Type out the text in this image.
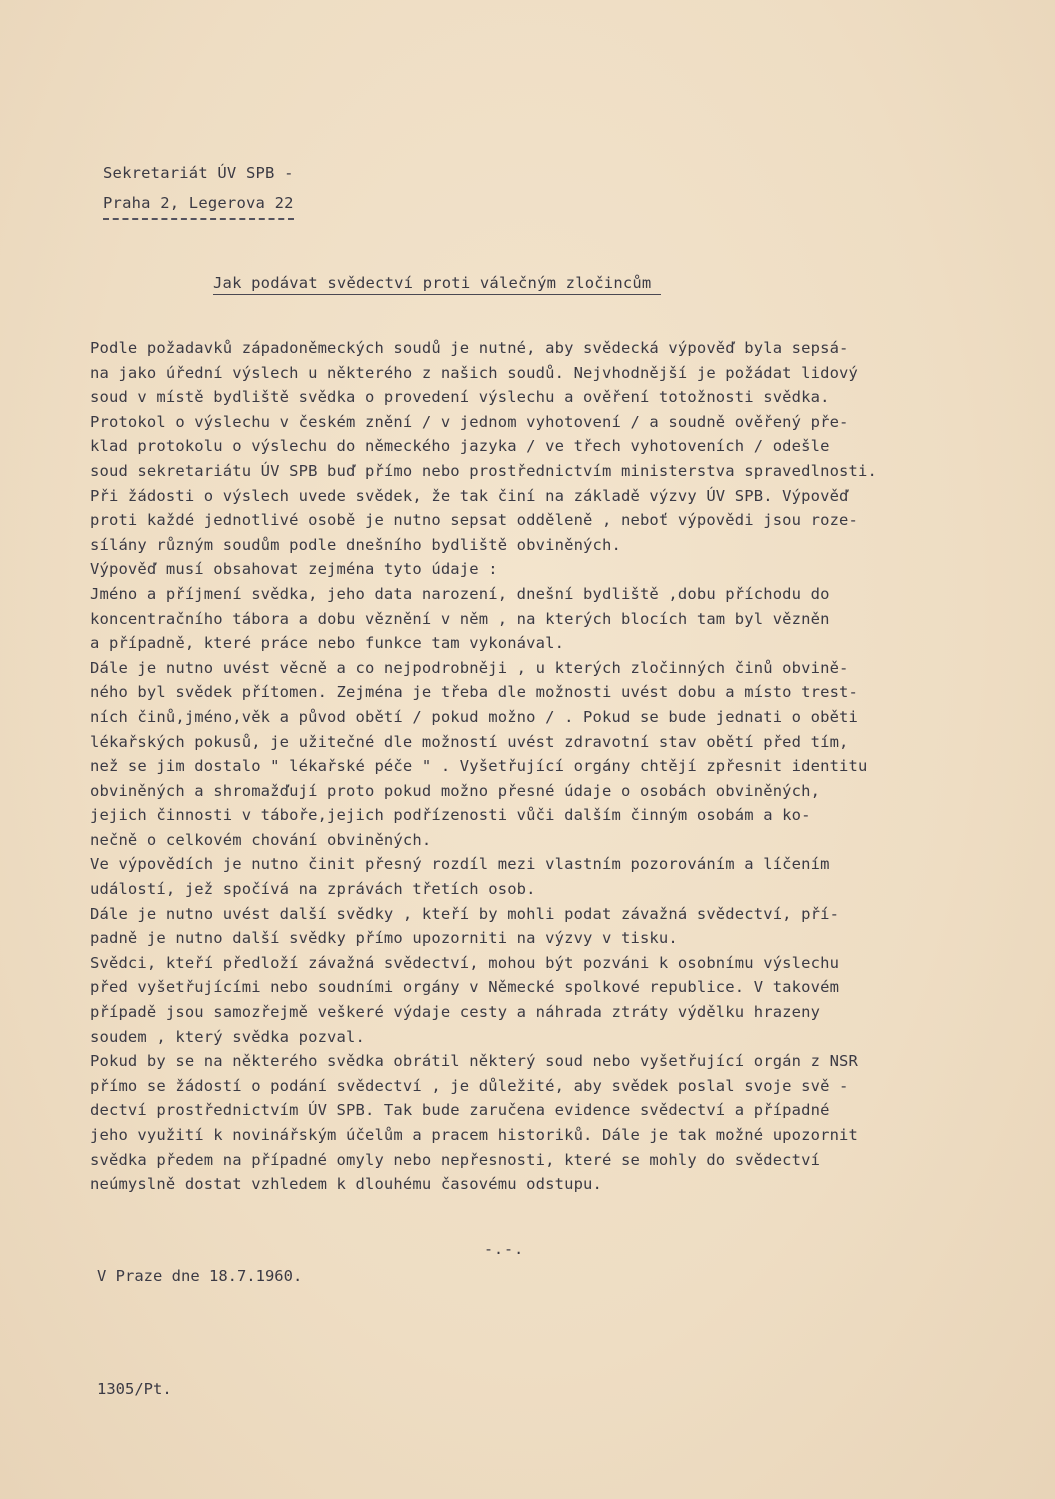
Sekretariát ÚV SPB -
Praha 2, Legerova 22
Jak podávat svědectví proti válečným zločincům
Podle požadavků západoněmeckých soudů je nutné, aby svědecká výpověď byla sepsá-
na jako úřední výslech u některého z našich soudů. Nejvhodnější je požádat lidový
soud v místě bydliště svědka o provedení výslechu a ověření totožnosti svědka.
Protokol o výslechu v českém znění / v jednom vyhotovení / a soudně ověřený pře-
klad protokolu o výslechu do německého jazyka / ve třech vyhotoveních / odešle
soud sekretariátu ÚV SPB buď přímo nebo prostřednictvím ministerstva spravedlnosti.
Při žádosti o výslech uvede svědek, že tak činí na základě výzvy ÚV SPB. Výpověď
proti každé jednotlivé osobě je nutno sepsat odděleně , neboť výpovědi jsou roze-
sílány různým soudům podle dnešního bydliště obviněných.
Výpověď musí obsahovat zejména tyto údaje :
Jméno a příjmení svědka, jeho data narození, dnešní bydliště ,dobu příchodu do
koncentračního tábora a dobu věznění v něm , na kterých blocích tam byl vězněn
a případně, které práce nebo funkce tam vykonával.
Dále je nutno uvést věcně a co nejpodrobněji , u kterých zločinných činů obvině-
ného byl svědek přítomen. Zejména je třeba dle možnosti uvést dobu a místo trest-
ních činů,jméno,věk a původ obětí / pokud možno / . Pokud se bude jednati o oběti
lékařských pokusů, je užitečné dle možností uvést zdravotní stav obětí před tím,
než se jim dostalo " lékařské péče " . Vyšetřující orgány chtějí zpřesnit identitu
obviněných a shromažďují proto pokud možno přesné údaje o osobách obviněných,
jejich činnosti v táboře,jejich podřízenosti vůči dalším činným osobám a ko-
nečně o celkovém chování obviněných.
Ve výpovědích je nutno činit přesný rozdíl mezi vlastním pozorováním a líčením
událostí, jež spočívá na zprávách třetích osob.
Dále je nutno uvést další svědky , kteří by mohli podat závažná svědectví, pří-
padně je nutno další svědky přímo upozorniti na výzvy v tisku.
Svědci, kteří předloží závažná svědectví, mohou být pozváni k osobnímu výslechu
před vyšetřujícími nebo soudními orgány v Německé spolkové republice. V takovém
případě jsou samozřejmě veškeré výdaje cesty a náhrada ztráty výdělku hrazeny
soudem , který svědka pozval.
Pokud by se na některého svědka obrátil některý soud nebo vyšetřující orgán z NSR
přímo se žádostí o podání svědectví , je důležité, aby svědek poslal svoje svě -
dectví prostřednictvím ÚV SPB. Tak bude zaručena evidence svědectví a případné
jeho využití k novinářským účelům a pracem historiků. Dále je tak možné upozornit
svědka předem na případné omyly nebo nepřesnosti, které se mohly do svědectví
neúmyslně dostat vzhledem k dlouhému časovému odstupu.
-.-.
V Praze dne 18.7.1960.
1305/Pt.
